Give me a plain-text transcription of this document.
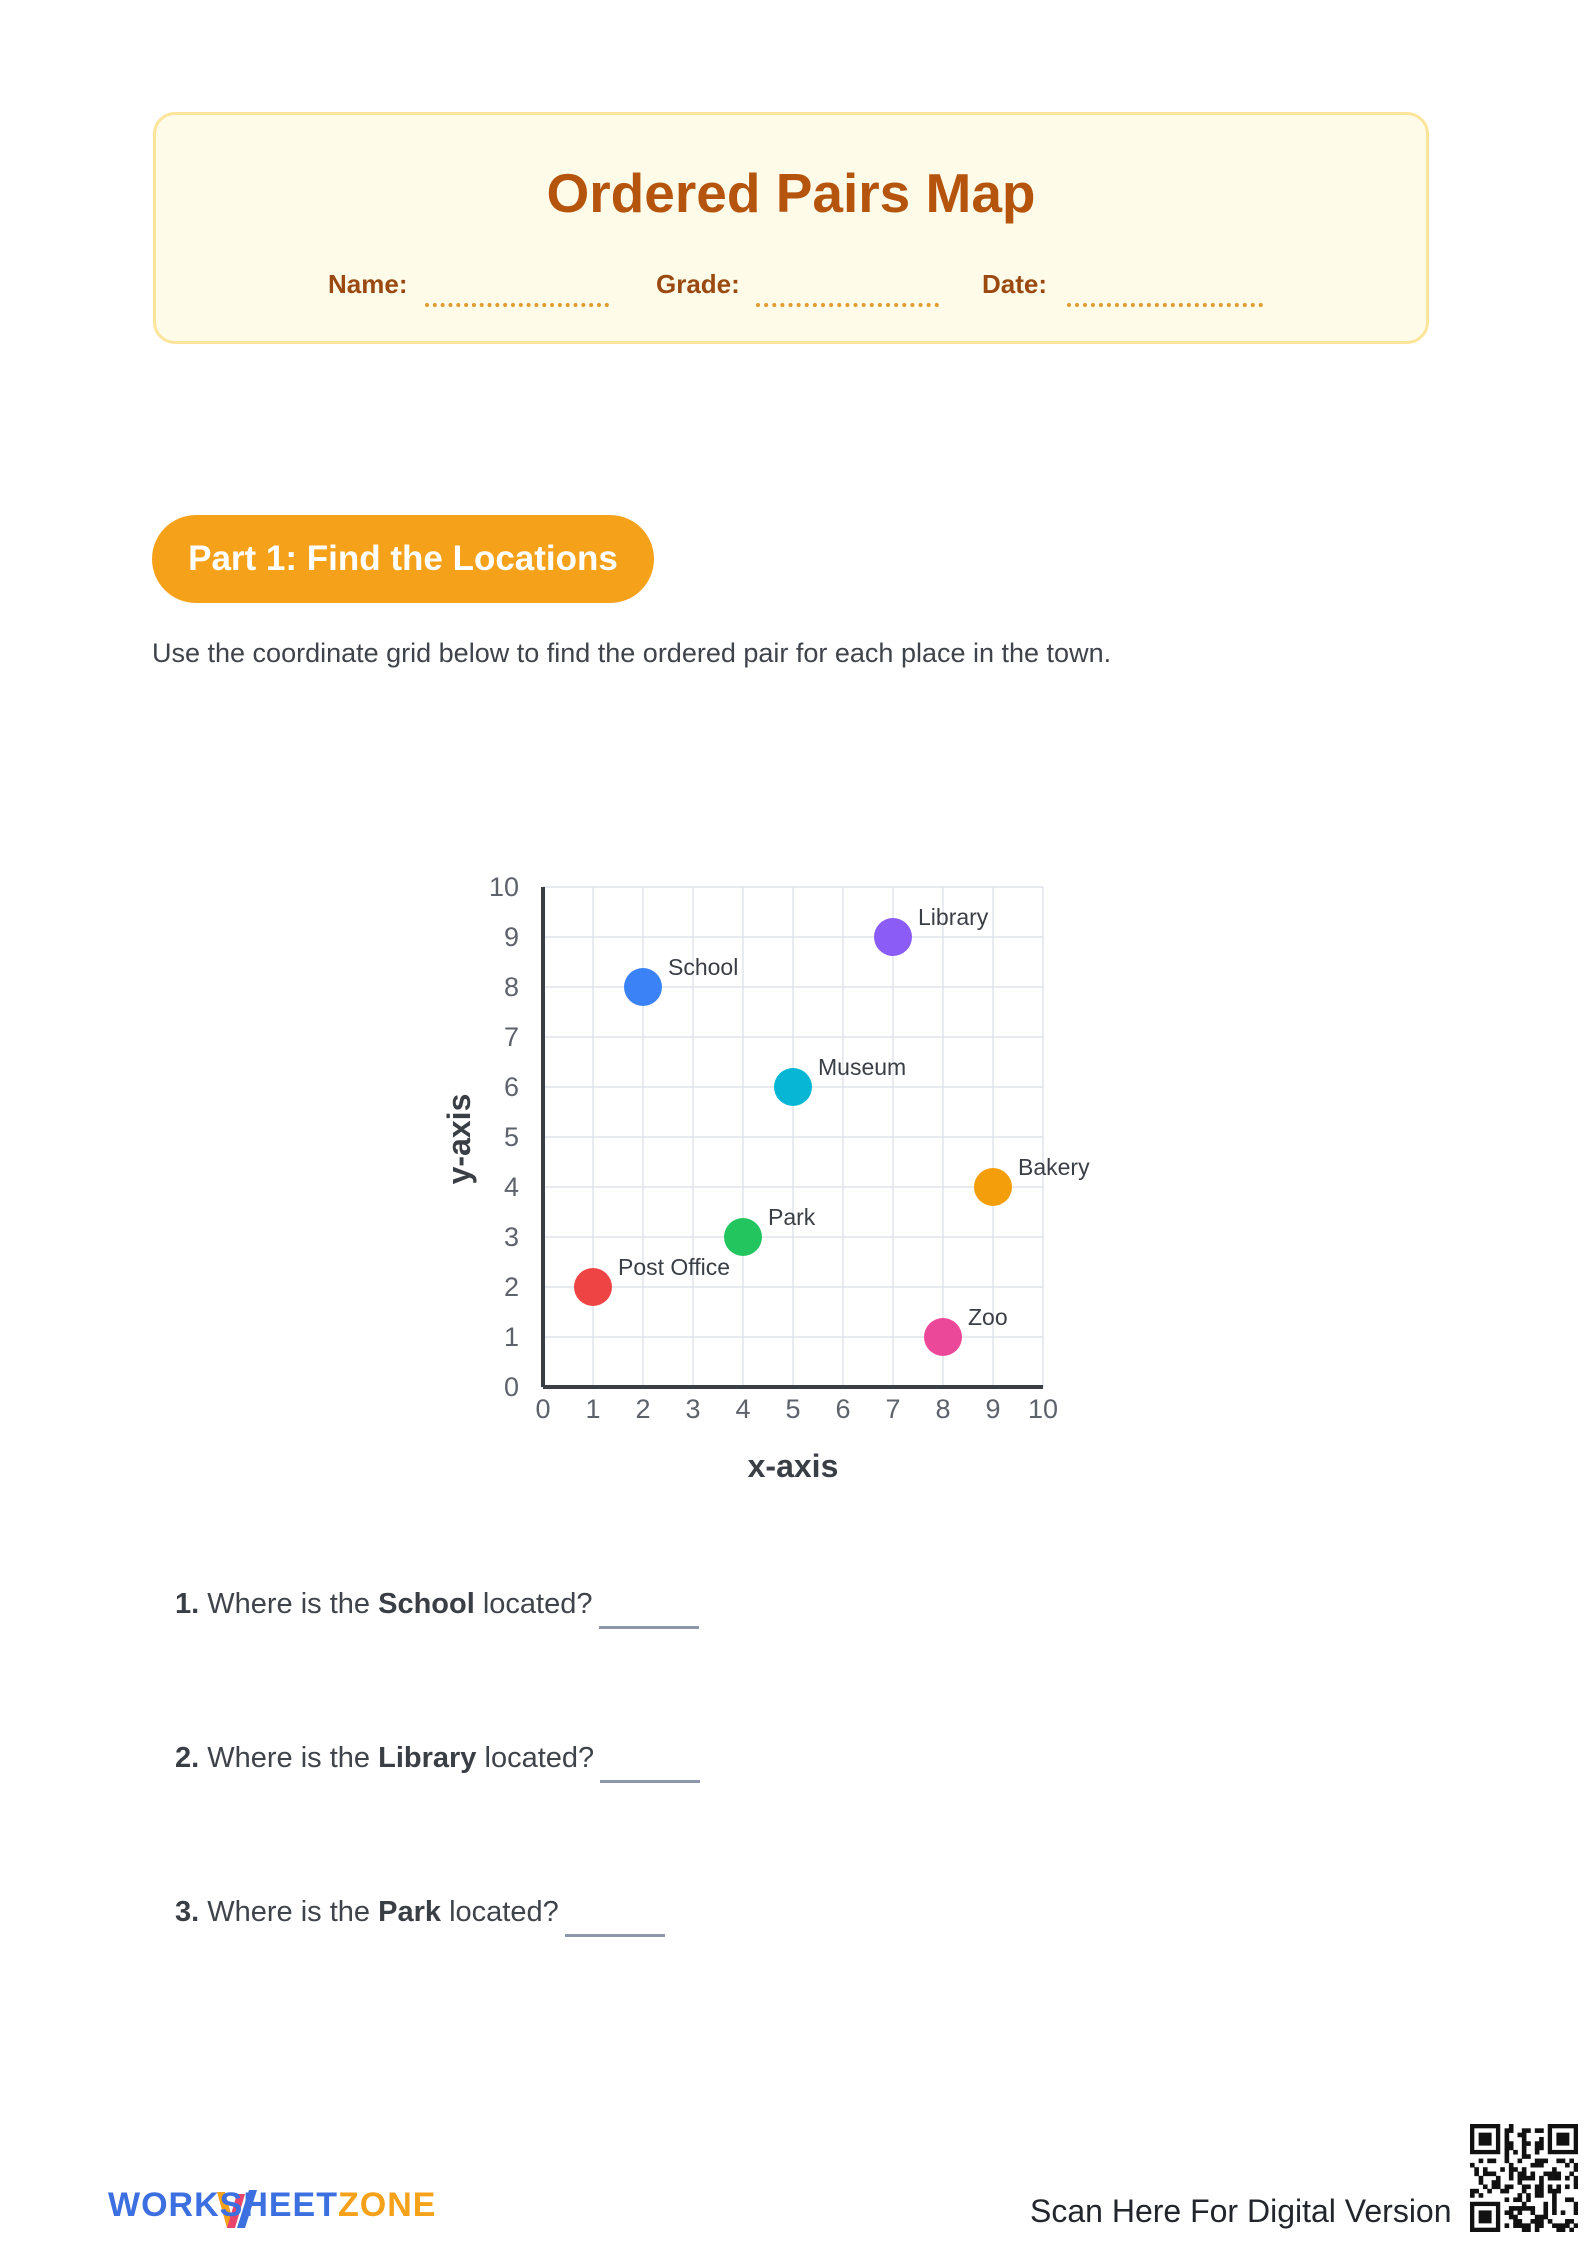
Ordered Pairs Map
Name:	Grade:	Date:
Part 1: Find the Locations
Use the coordinate grid below to find the ordered pair for each place in the town.
0 1 2 3 4 5 6 7 8 9 10
0
1
2
3
4
5
6
7
8
9
10
Library
School
Museum
Bakery
Park
Post Office
Zoo
x-axis
y-axis
1.
Where is the
School
located?
2.
Where is the
Library
located?
3.
Where is the
Park
located?
WORKSHEETZONE	Scan Here For Digital Version
